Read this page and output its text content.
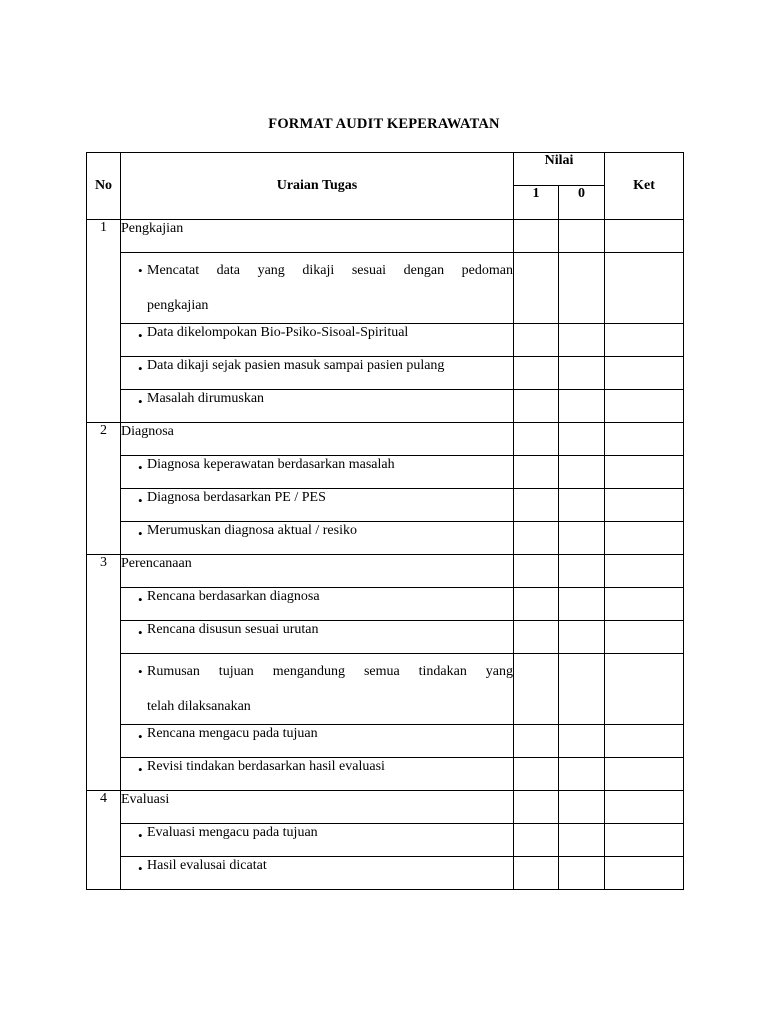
FORMAT AUDIT KEPERAWATAN
No	Uraian Tugas	Nilai		Ket
		1	0	
1	Pengkajian			

	• Mencatat data yang dikaji sesuai dengan pedoman
pengkajian			

	• Data dikelompokan Bio-Psiko-Sisoal-Spiritual			

	• Data dikaji sejak pasien masuk sampai pasien pulang			

	• Masalah dirumuskan			
2	Diagnosa			

	• Diagnosa keperawatan berdasarkan masalah			

	• Diagnosa berdasarkan PE / PES			

	• Merumuskan diagnosa aktual / resiko			
3	Perencanaan			

	• Rencana berdasarkan diagnosa			

	• Rencana disusun sesuai urutan			

	• Rumusan tujuan mengandung semua tindakan yang
telah dilaksanakan			

	• Rencana mengacu pada tujuan			

	• Revisi tindakan berdasarkan hasil evaluasi			
4	Evaluasi			

	• Evaluasi mengacu pada tujuan			

	• Hasil evalusai dicatat			
